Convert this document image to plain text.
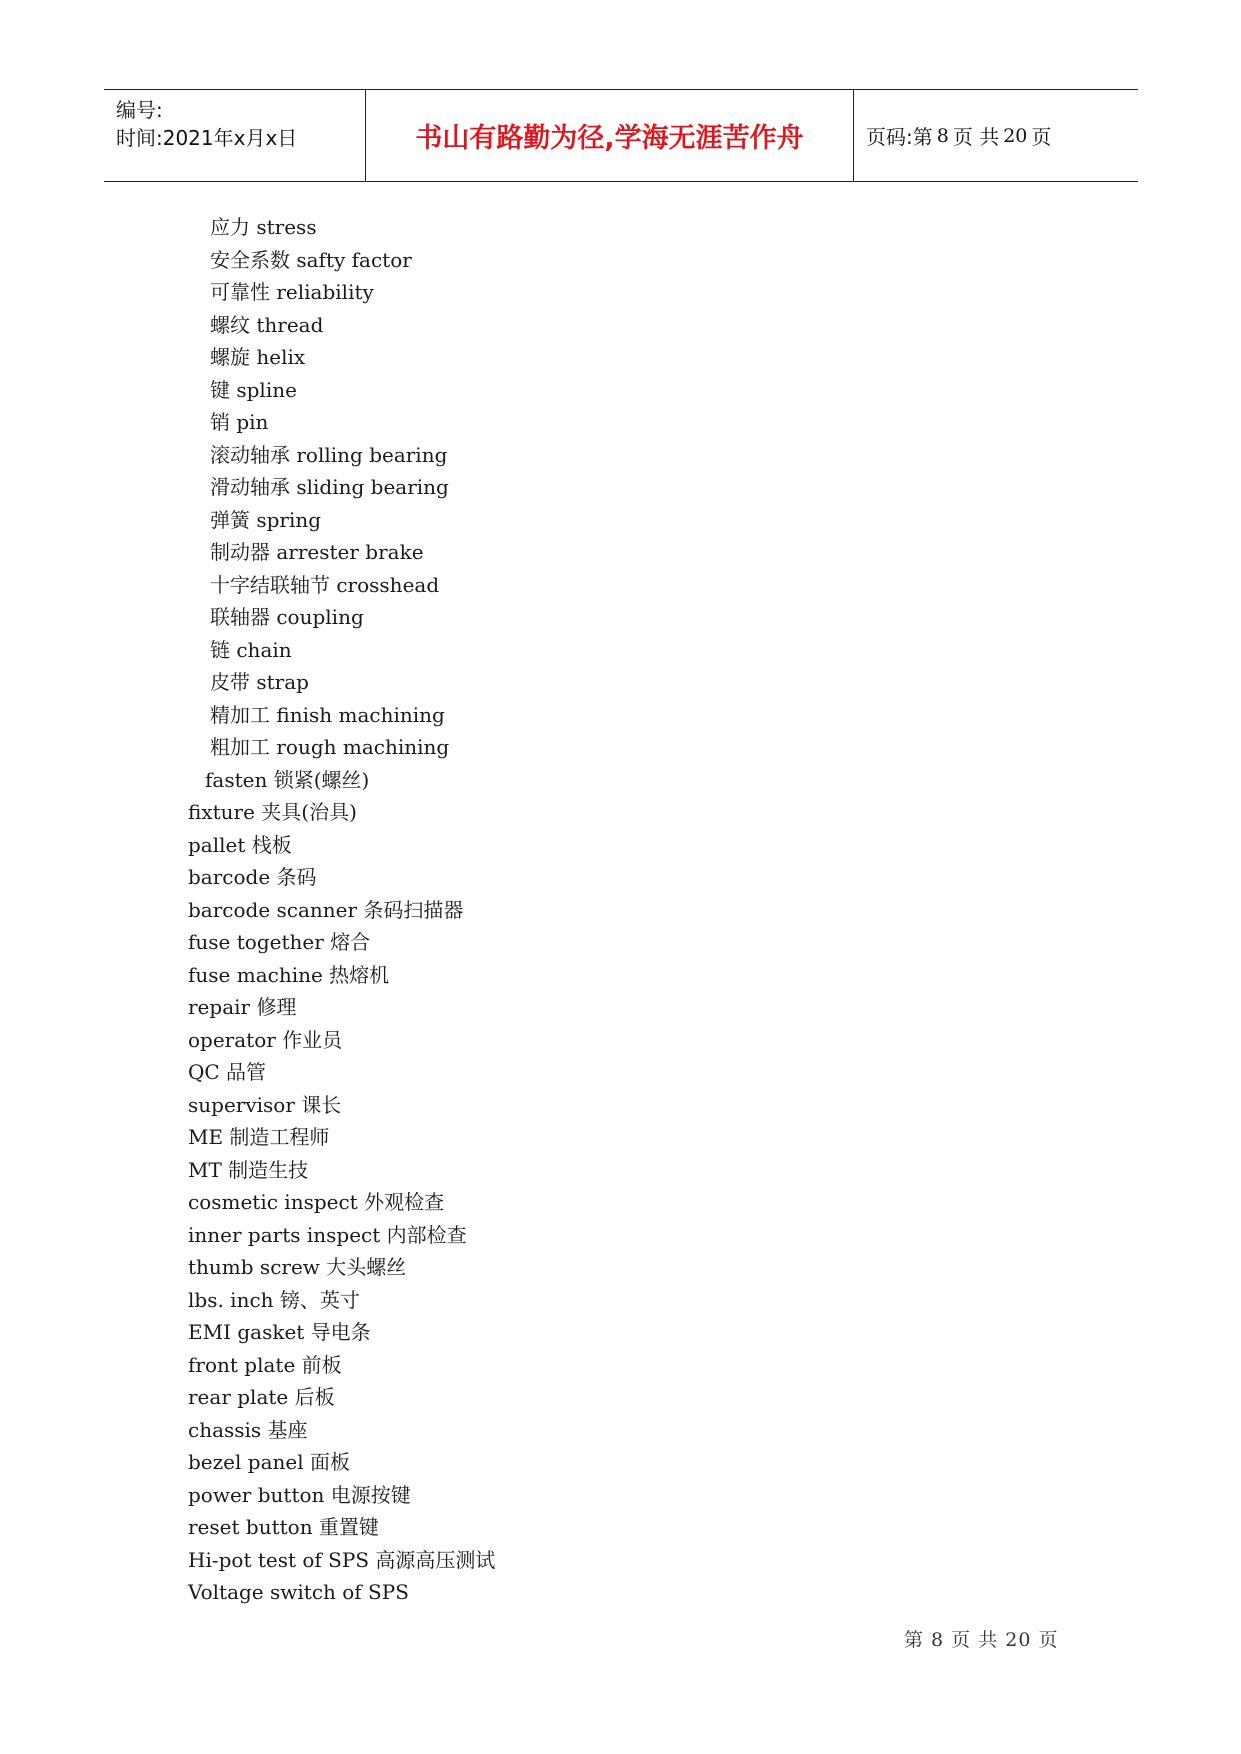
编号:
时间:2021年x月x日	书山有路勤为径,学海无涯苦作舟	页码:第 8 页 共 20 页
应力 stress
安全系数 safty factor
可靠性 reliability
螺纹 thread
螺旋 helix
键 spline
销 pin
滚动轴承 rolling bearing
滑动轴承 sliding bearing
弹簧 spring
制动器 arrester brake
十字结联轴节 crosshead
联轴器 coupling
链 chain
皮带 strap
精加工 finish machining
粗加工 rough machining
fasten 锁紧(螺丝)
fixture 夹具(治具)
pallet 栈板
barcode 条码
barcode scanner 条码扫描器
fuse together 熔合
fuse machine 热熔机
repair 修理
operator 作业员
QC 品管
supervisor 课长
ME 制造工程师
MT 制造生技
cosmetic inspect 外观检查
inner parts inspect 内部检查
thumb screw 大头螺丝
lbs. inch 镑、英寸
EMI gasket 导电条
front plate 前板
rear plate 后板
chassis 基座
bezel panel 面板
power button 电源按键
reset button 重置键
Hi-pot test of SPS 高源高压测试
Voltage switch of SPS
第 8 页 共 20 页
